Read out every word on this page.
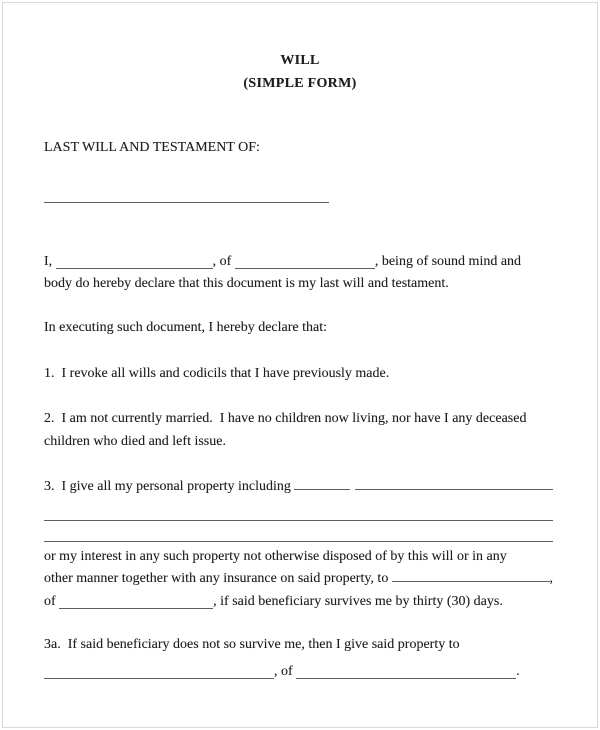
WILL
(SIMPLE FORM)
LAST WILL AND TESTAMENT OF:
I,	, of	, being of sound mind and
body do hereby declare that this document is my last will and testament.
In executing such document, I hereby declare that:
1.  I revoke all wills and codicils that I have previously made.
2.  I am not currently married.  I have no children now living, nor have I any deceased
children who died and left issue.
3.  I give all my personal property including
or my interest in any such property not otherwise disposed of by this will or in any
other manner together with any insurance on said property, to	,
of	, if said beneficiary survives me by thirty (30) days.
3a.  If said beneficiary does not so survive me, then I give said property to
, of	.
